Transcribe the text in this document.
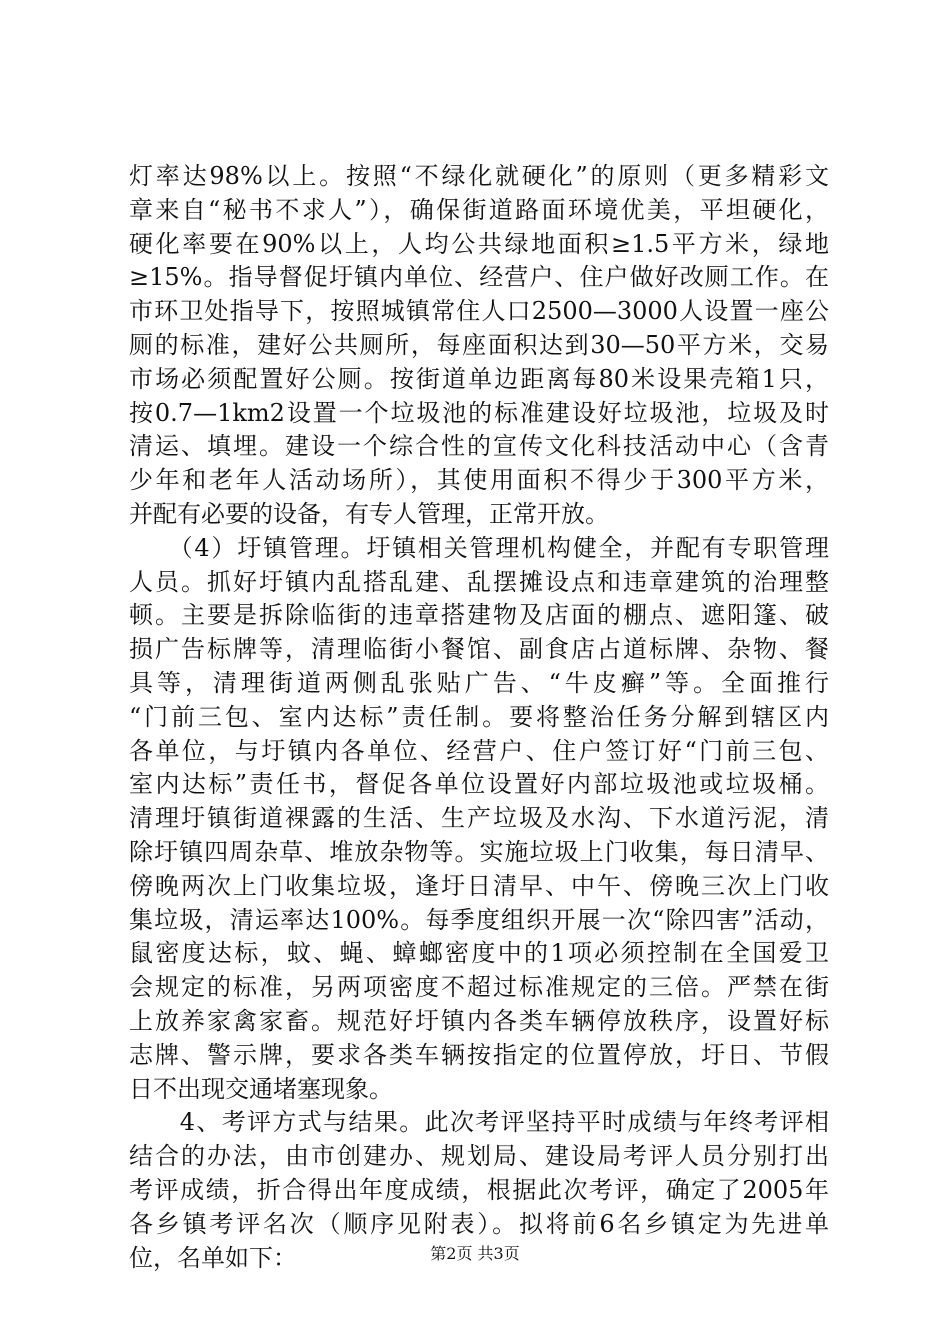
灯率达98%以上。按照“不绿化就硬化”的原则（更多精彩文
章来自“秘书不求人”），确保街道路面环境优美，平坦硬化，
硬化率要在90%以上，人均公共绿地面积≥1.5平方米，绿地
≥15%。指导督促圩镇内单位、经营户、住户做好改厕工作。在
市环卫处指导下，按照城镇常住人口2500—3000人设置一座公
厕的标准，建好公共厕所，每座面积达到30—50平方米，交易
市场必须配置好公厕。按街道单边距离每80米设果壳箱1只，
按0.7—1km2设置一个垃圾池的标准建设好垃圾池，垃圾及时
清运、填埋。建设一个综合性的宣传文化科技活动中心（含青
少年和老年人活动场所），其使用面积不得少于300平方米，
并配有必要的设备，有专人管理，正常开放。
　　（4）圩镇管理。圩镇相关管理机构健全，并配有专职管理
人员。抓好圩镇内乱搭乱建、乱摆摊设点和违章建筑的治理整
顿。主要是拆除临街的违章搭建物及店面的棚点、遮阳篷、破
损广告标牌等，清理临街小餐馆、副食店占道标牌、杂物、餐
具等，清理街道两侧乱张贴广告、“牛皮癣”等。全面推行
“门前三包、室内达标”责任制。要将整治任务分解到辖区内
各单位，与圩镇内各单位、经营户、住户签订好“门前三包、
室内达标”责任书，督促各单位设置好内部垃圾池或垃圾桶。
清理圩镇街道裸露的生活、生产垃圾及水沟、下水道污泥，清
除圩镇四周杂草、堆放杂物等。实施垃圾上门收集，每日清早、
傍晚两次上门收集垃圾，逢圩日清早、中午、傍晚三次上门收
集垃圾，清运率达100%。每季度组织开展一次“除四害”活动，
鼠密度达标，蚊、蝇、蟑螂密度中的1项必须控制在全国爱卫
会规定的标准，另两项密度不超过标准规定的三倍。严禁在街
上放养家禽家畜。规范好圩镇内各类车辆停放秩序，设置好标
志牌、警示牌，要求各类车辆按指定的位置停放，圩日、节假
日不出现交通堵塞现象。
　　4、考评方式与结果。此次考评坚持平时成绩与年终考评相
结合的办法，由市创建办、规划局、建设局考评人员分别打出
考评成绩，折合得出年度成绩，根据此次考评，确定了2005年
各乡镇考评名次（顺序见附表）。拟将前6名乡镇定为先进单
位，名单如下：	第2页 共3页
